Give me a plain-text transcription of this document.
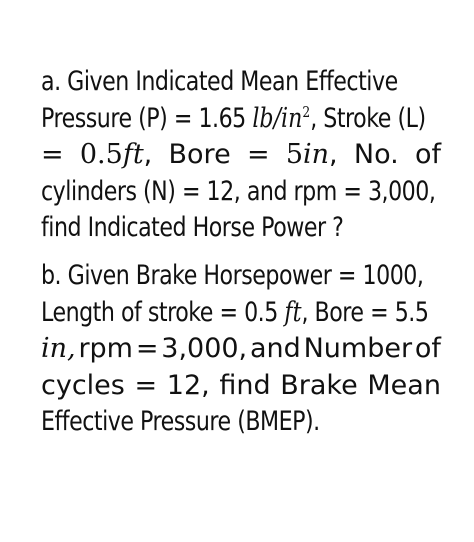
a. Given Indicated Mean Effective
Pressure (P) = 1.65 $lb/in^2$, Stroke (L)
= 0.5ft, Bore = 5in, No. of
cylinders (N) = 12, and rpm = 3,000,
find Indicated Horse Power ?
b. Given Brake Horsepower = 1000,
Length of stroke = 0.5 ft, Bore = 5.5
in, rpm = 3,000, and Number of
cycles = 12, find Brake Mean
Effective Pressure (BMEP).
